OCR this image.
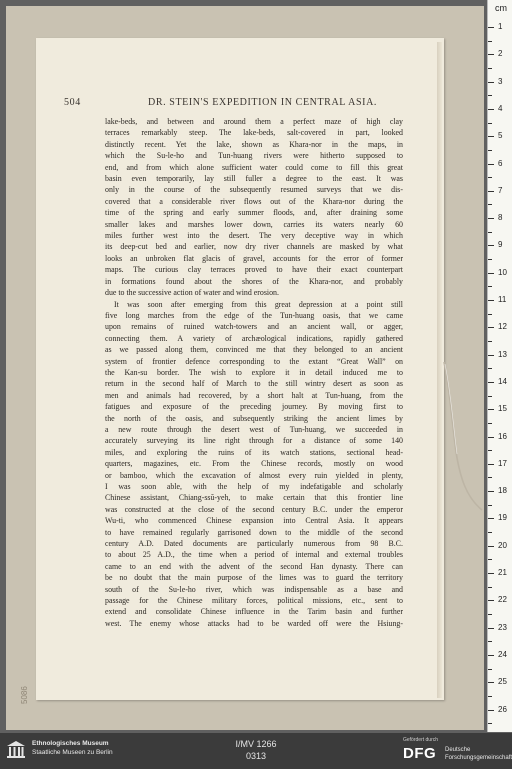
504	DR. STEIN'S EXPEDITION IN CENTRAL ASIA.
lake-beds, and between and around them a perfect maze of high clay
terraces remarkably steep. The lake-beds, salt-covered in part, looked
distinctly recent. Yet the lake, shown as Khara-nor in the maps, in
which the Su-le-ho and Tun-huang rivers were hitherto supposed to
end, and from which alone sufficient water could come to fill this great
basin even temporarily, lay still fuller a degree to the east. It was
only in the course of the subsequently resumed surveys that we dis-
covered that a considerable river flows out of the Khara-nor during the
time of the spring and early summer floods, and, after draining some
smaller lakes and marshes lower down, carries its waters nearly 60
miles further west into the desert. The very deceptive way in which
its deep-cut bed and earlier, now dry river channels are masked by what
looks an unbroken flat glacis of gravel, accounts for the error of former
maps. The curious clay terraces proved to have their exact counterpart
in formations found about the shores of the Khara-nor, and probably
due to the successive action of water and wind erosion.
It was soon after emerging from this great depression at a point still
five long marches from the edge of the Tun-huang oasis, that we came
upon remains of ruined watch-towers and an ancient wall, or agger,
connecting them. A variety of archæological indications, rapidly gathered
as we passed along them, convinced me that they belonged to an ancient
system of frontier defence corresponding to the extant “Great Wall” on
the Kan-su border. The wish to explore it in detail induced me to
return in the second half of March to the still wintry desert as soon as
men and animals had recovered, by a short halt at Tun-huang, from the
fatigues and exposure of the preceding journey. By moving first to
the north of the oasis, and subsequently striking the ancient limes by
a new route through the desert west of Tun-huang, we succeeded in
accurately surveying its line right through for a distance of some 140
miles, and exploring the ruins of its watch stations, sectional head-
quarters, magazines, etc. From the Chinese records, mostly on wood
or bamboo, which the excavation of almost every ruin yielded in plenty,
I was soon able, with the help of my indefatigable and scholarly
Chinese assistant, Chiang-ssŭ-yeh, to make certain that this frontier line
was constructed at the close of the second century B.C. under the emperor
Wu-ti, who commenced Chinese expansion into Central Asia. It appears
to have remained regularly garrisoned down to the middle of the second
century A.D. Dated documents are particularly numerous from 98 B.C.
to about 25 A.D., the time when a period of internal and external troubles
came to an end with the advent of the second Han dynasty. There can
be no doubt that the main purpose of the limes was to guard the territory
south of the Su-le-ho river, which was indispensable as a base and
passage for the Chinese military forces, political missions, etc., sent to
extend and consolidate Chinese influence in the Tarim basin and further
west. The enemy whose attacks had to be warded off were the Hsiung-
5086
cm
1
2
3
4
5
6
7
8
9
10
11
12
13
14
15
16
17
18
19
20
21
22
23
24
25
26
Ethnologisches Museum
Staatliche Museen zu Berlin
I/MV 1266
0313
Gefördert durch
DFG Deutsche
Forschungsgemeinschaft
